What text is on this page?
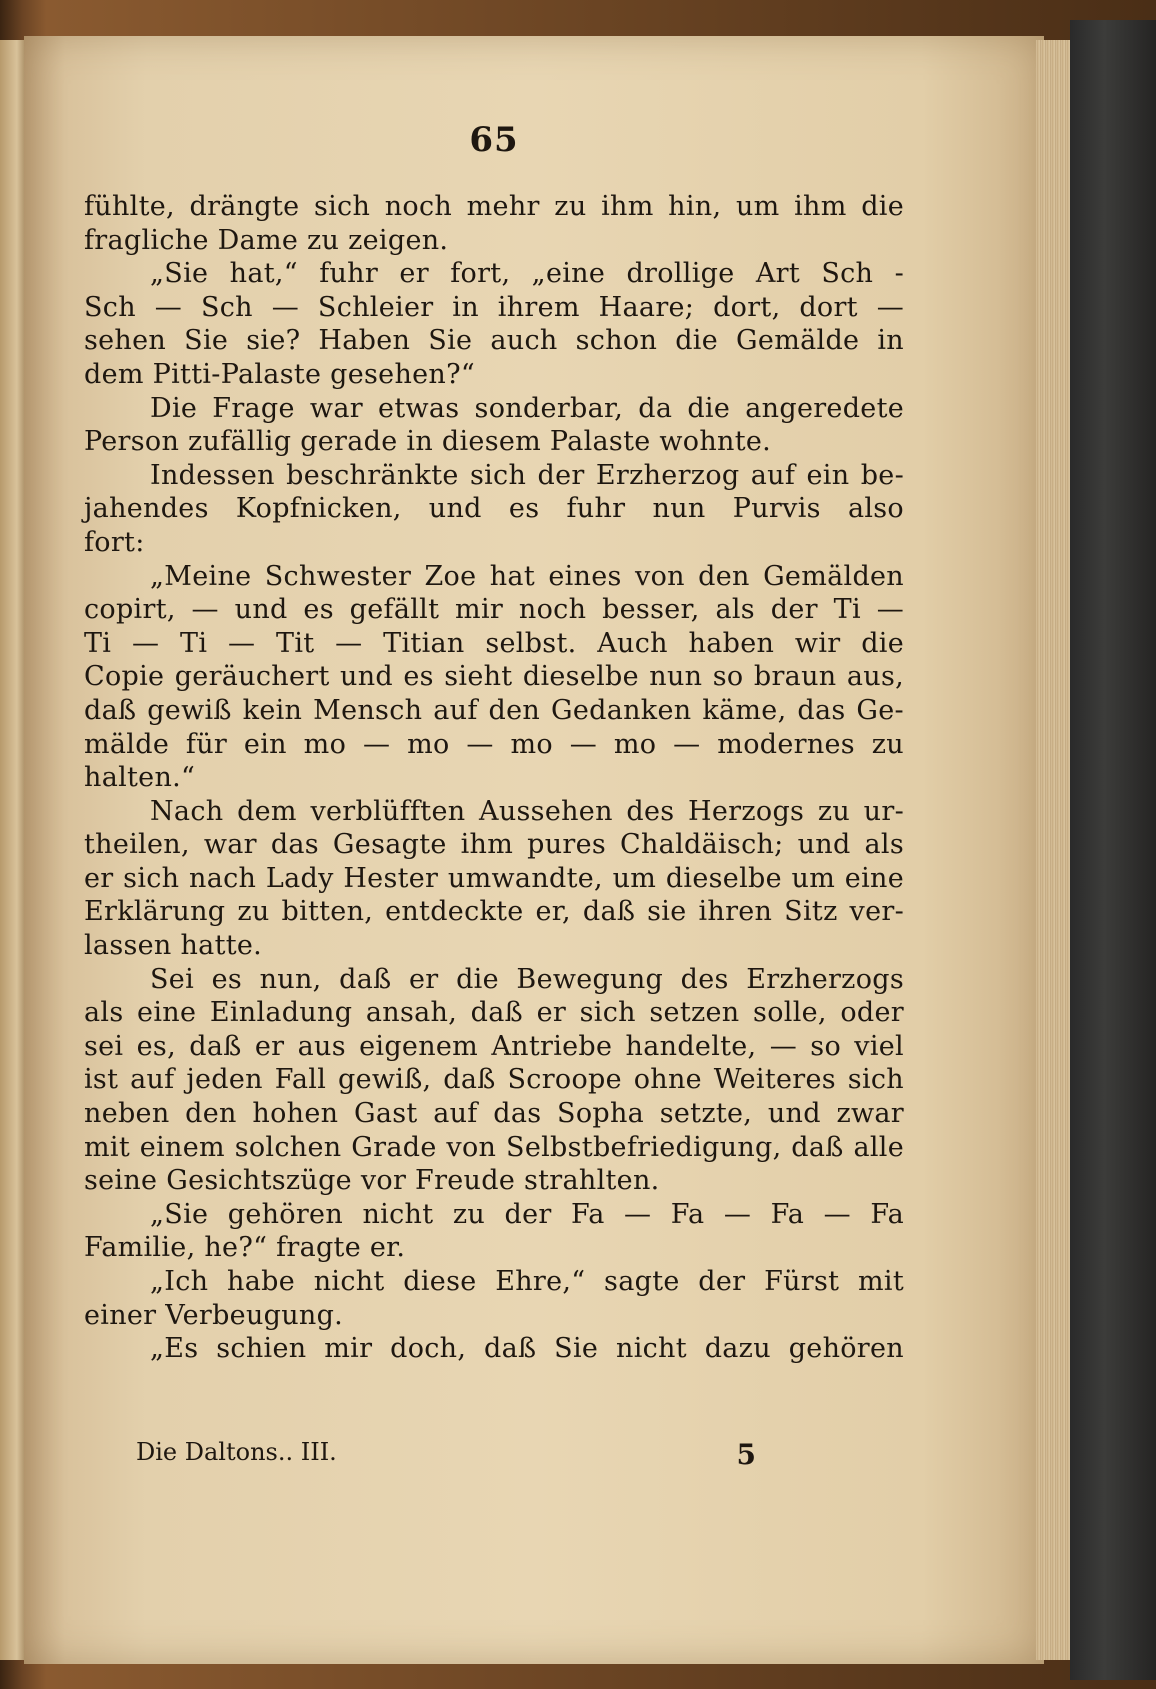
65
fühlte, drängte sich noch mehr zu ihm hin, um ihm die
fragliche Dame zu zeigen.
„Sie hat,“ fuhr er fort, „eine drollige Art Sch -
Sch — Sch — Schleier in ihrem Haare; dort, dort —
sehen Sie sie? Haben Sie auch schon die Gemälde in
dem Pitti-Palaste gesehen?“
Die Frage war etwas sonderbar, da die angeredete
Person zufällig gerade in diesem Palaste wohnte.
Indessen beschränkte sich der Erzherzog auf ein be-
jahendes Kopfnicken, und es fuhr nun Purvis also
fort:
„Meine Schwester Zoe hat eines von den Gemälden
copirt, — und es gefällt mir noch besser, als der Ti —
Ti — Ti — Tit — Titian selbst. Auch haben wir die
Copie geräuchert und es sieht dieselbe nun so braun aus,
daß gewiß kein Mensch auf den Gedanken käme, das Ge-
mälde für ein mo — mo — mo — mo — modernes zu
halten.“
Nach dem verblüfften Aussehen des Herzogs zu ur-
theilen, war das Gesagte ihm pures Chaldäisch; und als
er sich nach Lady Hester umwandte, um dieselbe um eine
Erklärung zu bitten, entdeckte er, daß sie ihren Sitz ver-
lassen hatte.
Sei es nun, daß er die Bewegung des Erzherzogs
als eine Einladung ansah, daß er sich setzen solle, oder
sei es, daß er aus eigenem Antriebe handelte, — so viel
ist auf jeden Fall gewiß, daß Scroope ohne Weiteres sich
neben den hohen Gast auf das Sopha setzte, und zwar
mit einem solchen Grade von Selbstbefriedigung, daß alle
seine Gesichtszüge vor Freude strahlten.
„Sie gehören nicht zu der Fa — Fa — Fa — Fa
Familie, he?“ fragte er.
„Ich habe nicht diese Ehre,“ sagte der Fürst mit
einer Verbeugung.
„Es schien mir doch, daß Sie nicht dazu gehören
Die Daltons.. III.	5
